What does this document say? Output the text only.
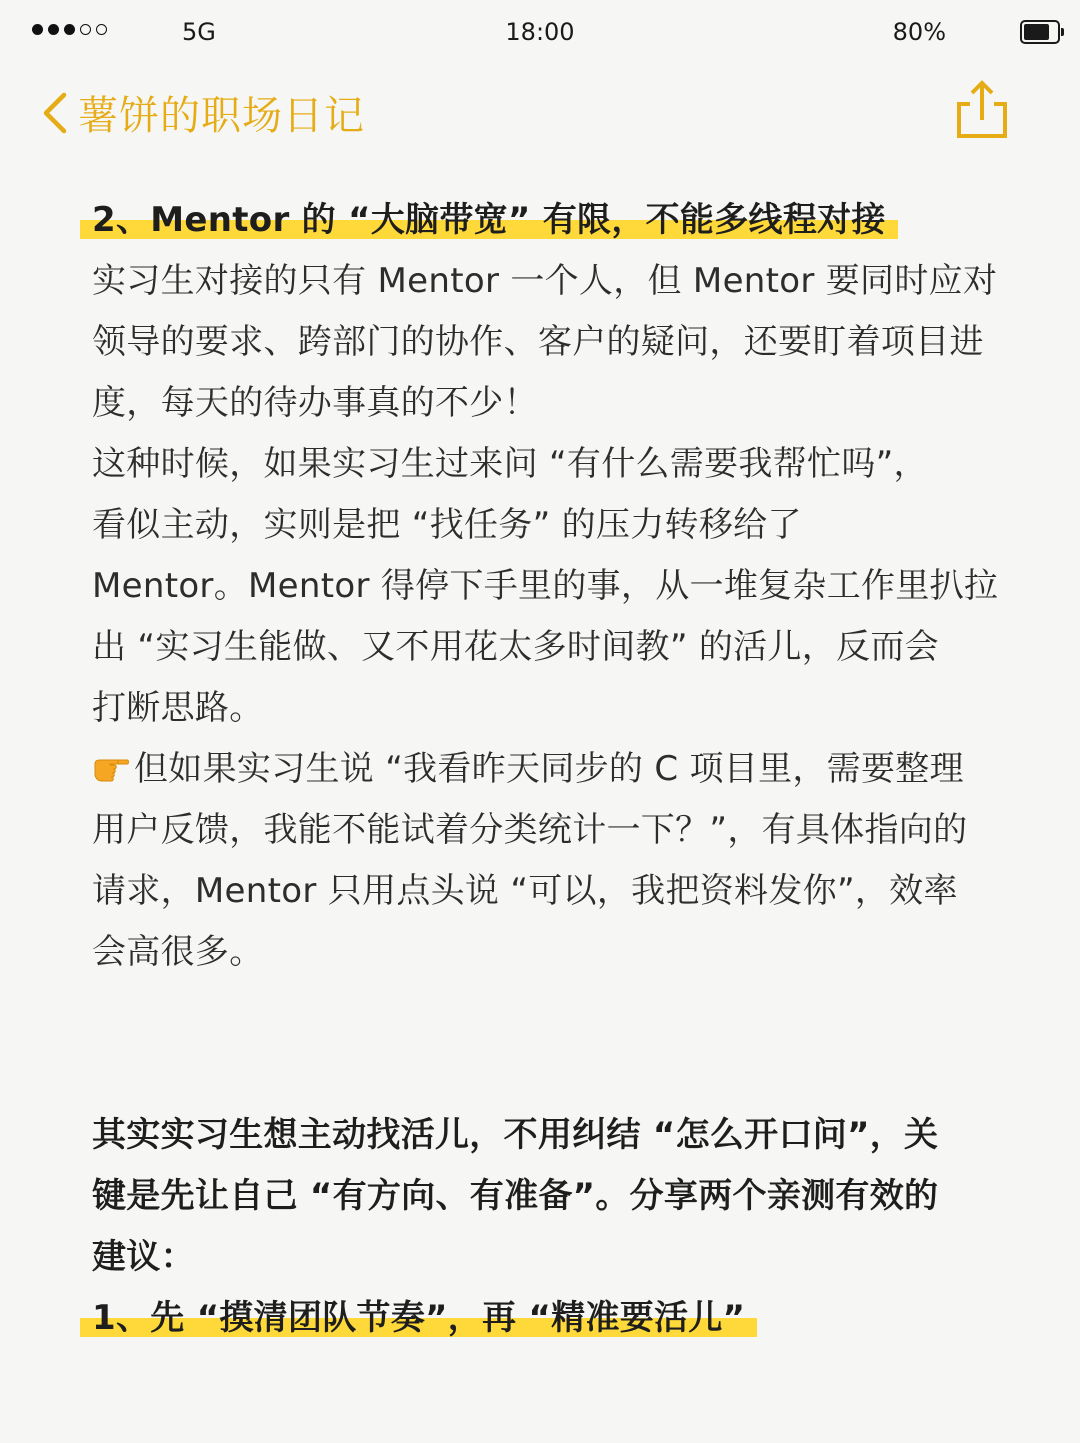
5G	18:00	80%
薯饼的职场日记
2、Mentor 的 “大脑带宽” 有限，不能多线程对接
实习生对接的只有 Mentor 一个人，但 Mentor 要同时应对
领导的要求、跨部门的协作、客户的疑问，还要盯着项目进
度，每天的待办事真的不少！
这种时候，如果实习生过来问 “有什么需要我帮忙吗”，
看似主动，实则是把 “找任务” 的压力转移给了
Mentor。Mentor 得停下手里的事，从一堆复杂工作里扒拉
出 “实习生能做、又不用花太多时间教” 的活儿，反而会
打断思路。
但如果实习生说 “我看昨天同步的 C 项目里，需要整理
用户反馈，我能不能试着分类统计一下？”，有具体指向的
请求，Mentor 只用点头说 “可以，我把资料发你”，效率
会高很多。
其实实习生想主动找活儿，不用纠结 “怎么开口问”，关
键是先让自己 “有方向、有准备”。分享两个亲测有效的
建议：
1、先 “摸清团队节奏”，再 “精准要活儿”
